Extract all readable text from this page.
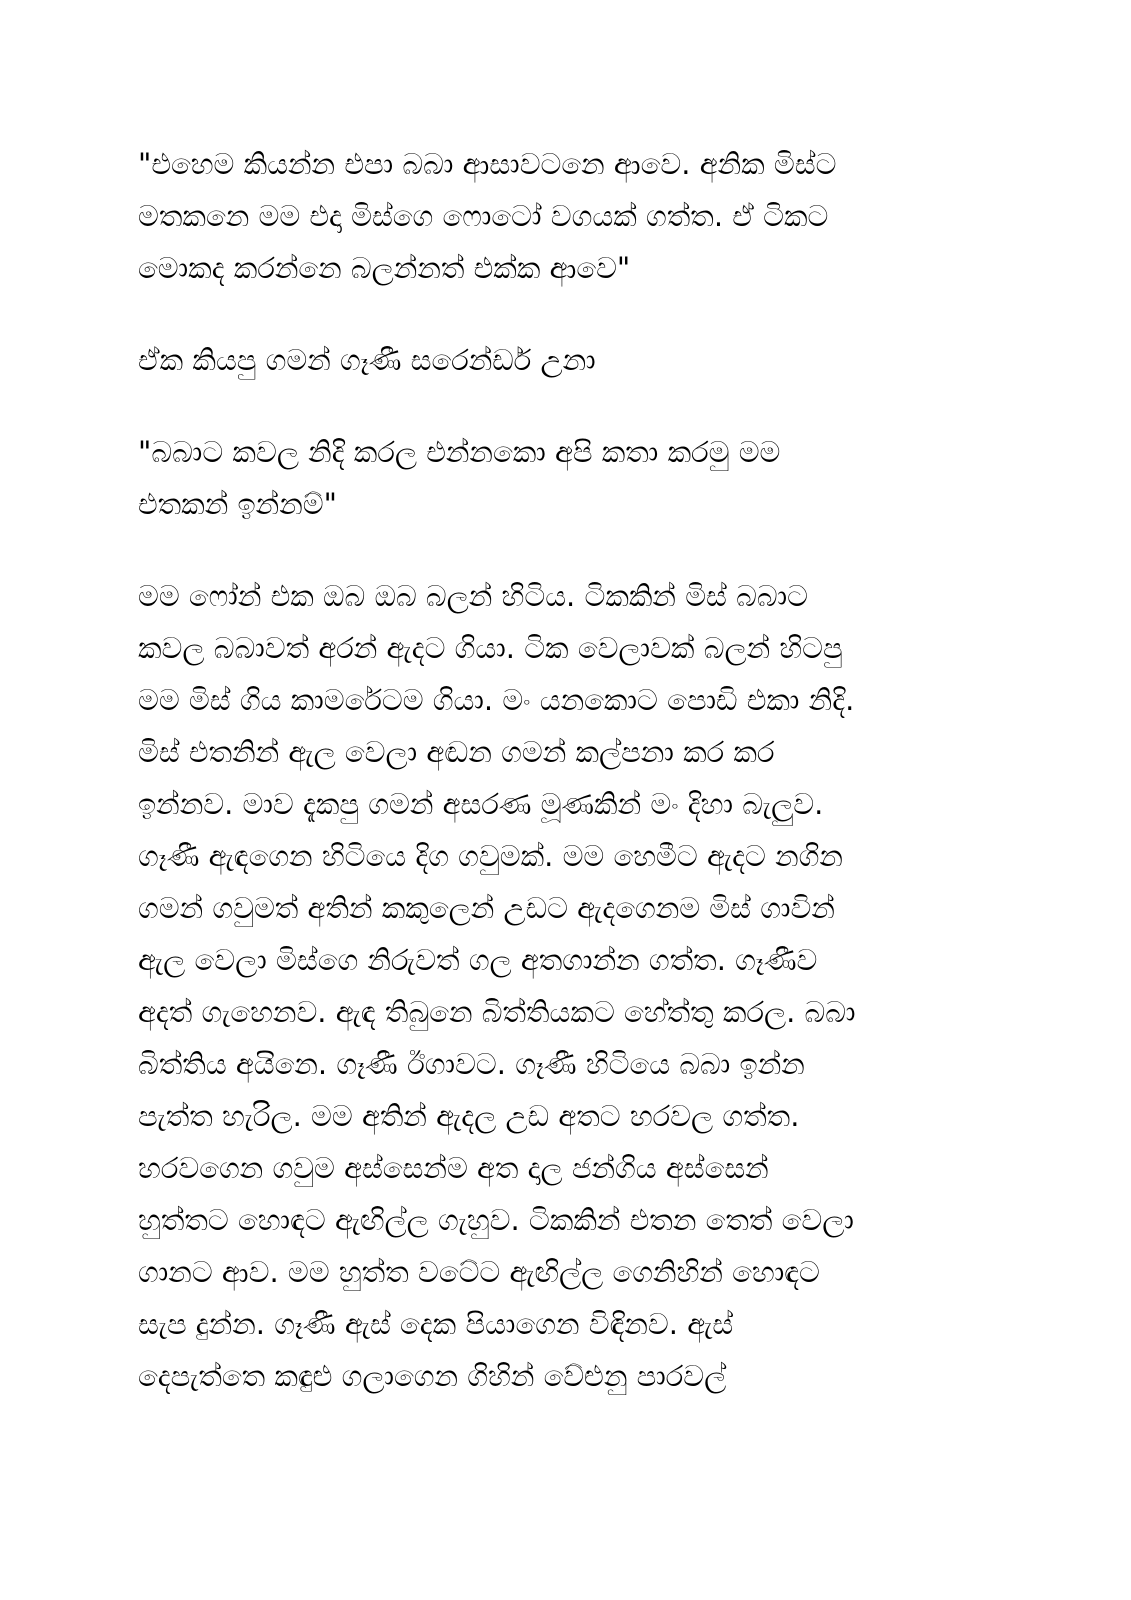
"එහෙම කියන්න එපා බබා ආසාවටනෙ ආවෙ. අනික මිස්ට
මතකනෙ මම එදා මිස්ගෙ ෆොටෝ වගයක් ගත්ත. ඒ ටිකට
මොකද කරන්නෙ බලන්නත් එක්ක ආවෙ"

ඒක කියපු ගමන් ගෑණී සරෙන්ඩර් උනා

"බබාට කවල නිදි කරල එන්නකො අපි කතා කරමු මම
එතකන් ඉන්නම්"

මම ෆෝන් එක ඔබ ඔබ බලන් හිටිය. ටිකකින් මිස් බබාට
කවල බබාවත් අරන් ඇදට ගියා. ටික වෙලාවක් බලන් හිටපු
මම මිස් ගිය කාමරේටම ගියා. මං යනකොට පොඩි එකා නිදි.
මිස් එතනින් ඇල වෙලා අඬන ගමන් කල්පනා කර කර
ඉන්නව. මාව දැකපු ගමන් අසරණ මූණකින් මං දිහා බැලුව.
ගෑණී ඇඳගෙන හිටියෙ දිග ගවුමක්. මම හෙමීට ඇදට නගින
ගමන් ගවුමත් අතින් කකුලෙන් උඩට ඇදගෙනම මිස් ගාවින්
ඇල වෙලා මිස්ගෙ නිරුවත් ගල අතගාන්න ගත්ත. ගෑණීව
අදත් ගැහෙනව. ඇඳ තිබුනෙ බිත්තියකට හේත්තු කරල. බබා
බිත්තිය අයිනෙ. ගෑණී ඊගාවට. ගෑණී හිටියෙ බබා ඉන්න
පැත්ත හැරිල. මම අතින් ඇදල උඩ අතට හරවල ගත්ත.
හරවගෙන ගවුම අස්සෙන්ම අත දාල ජන්ගිය අස්සෙන්
හුත්තට හොඳට ඇඟිල්ල ගැහුව. ටිකකින් එතන තෙත් වෙලා
ගානට ආව. මම හුත්ත වටේට ඇඟිල්ල ගෙනිහින් හොඳට
සැප දුන්න. ගෑණී ඇස් දෙක පියාගෙන විඳිනව. ඇස්
දෙපැත්තෙ කඳුළු ගලාගෙන ගිහින් වේළුනු පාරවල්
